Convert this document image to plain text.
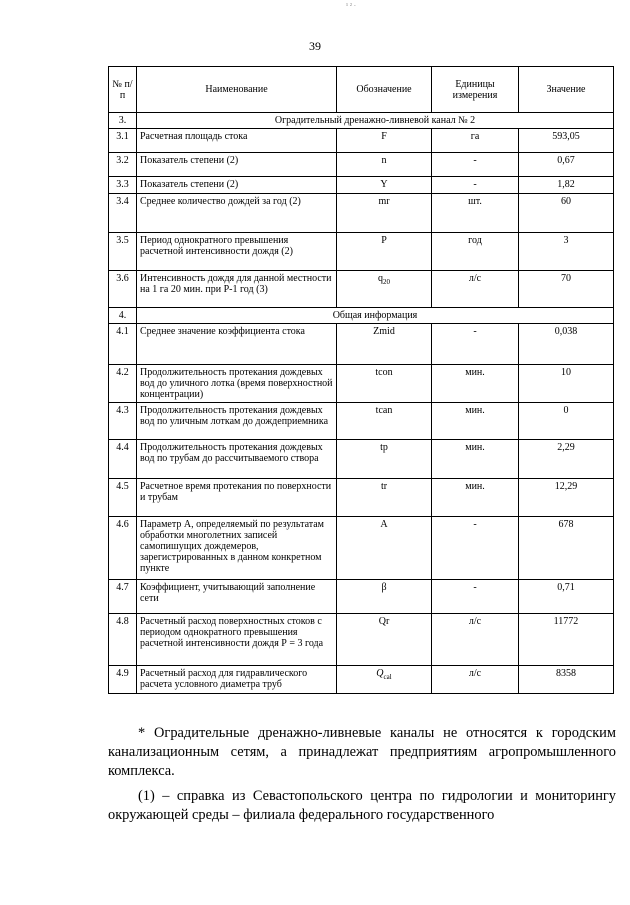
¹ ² ·
39
№ п/п	Наименование	Обозначение	Единицы измерения	Значение
3.	Оградительный дренажно-ливневой канал № 2			
3.1	Расчетная площадь стока	F	га	593,05
3.2	Показатель степени (2)	n	-	0,67
3.3	Показатель степени (2)	Y	-	1,82
3.4	Среднее количество дождей за год (2)	mr	шт.	60
3.5	Период однократного превышения расчетной интенсивности дождя (2)	P	год	3
3.6	Интенсивность дождя для данной местности на 1 га 20 мин. при Р-1 год (3)	$q_{20}$	л/с	70
4.	Общая информация			
4.1	Среднее значение коэффициента стока	Zmid	-	0,038
4.2	Продолжительность протекания дождевых вод до уличного лотка (время поверхностной концентрации)	tcon	мин.	10
4.3	Продолжительность протекания дождевых вод по уличным лоткам до дождеприемника	tcan	мин.	0
4.4	Продолжительность протекания дождевых вод по трубам до рассчитываемого створа	tp	мин.	2,29
4.5	Расчетное время протекания по поверхности и трубам	tr	мин.	12,29
4.6	Параметр А, определяемый по результатам обработки многолетних записей самопишущих дождемеров, зарегистрированных в данном конкретном пункте	A	-	678
4.7	Коэффициент, учитывающий заполнение сети	β	-	0,71
4.8	Расчетный расход поверхностных стоков с периодом однократного превышения расчетной интенсивности дождя Р = 3 года	Qr	л/с	11772
4.9	Расчетный расход для гидравлического расчета условного диаметра труб	$Q_{cal}$	л/с	8358

* Оградительные дренажно-ливневые каналы не относятся к городским канализационным сетям, а принадлежат предприятиям агропромышленного комплекса.

(1) – справка из Севастопольского центра по гидрологии и мониторингу окружающей среды – филиала федерального государственного
